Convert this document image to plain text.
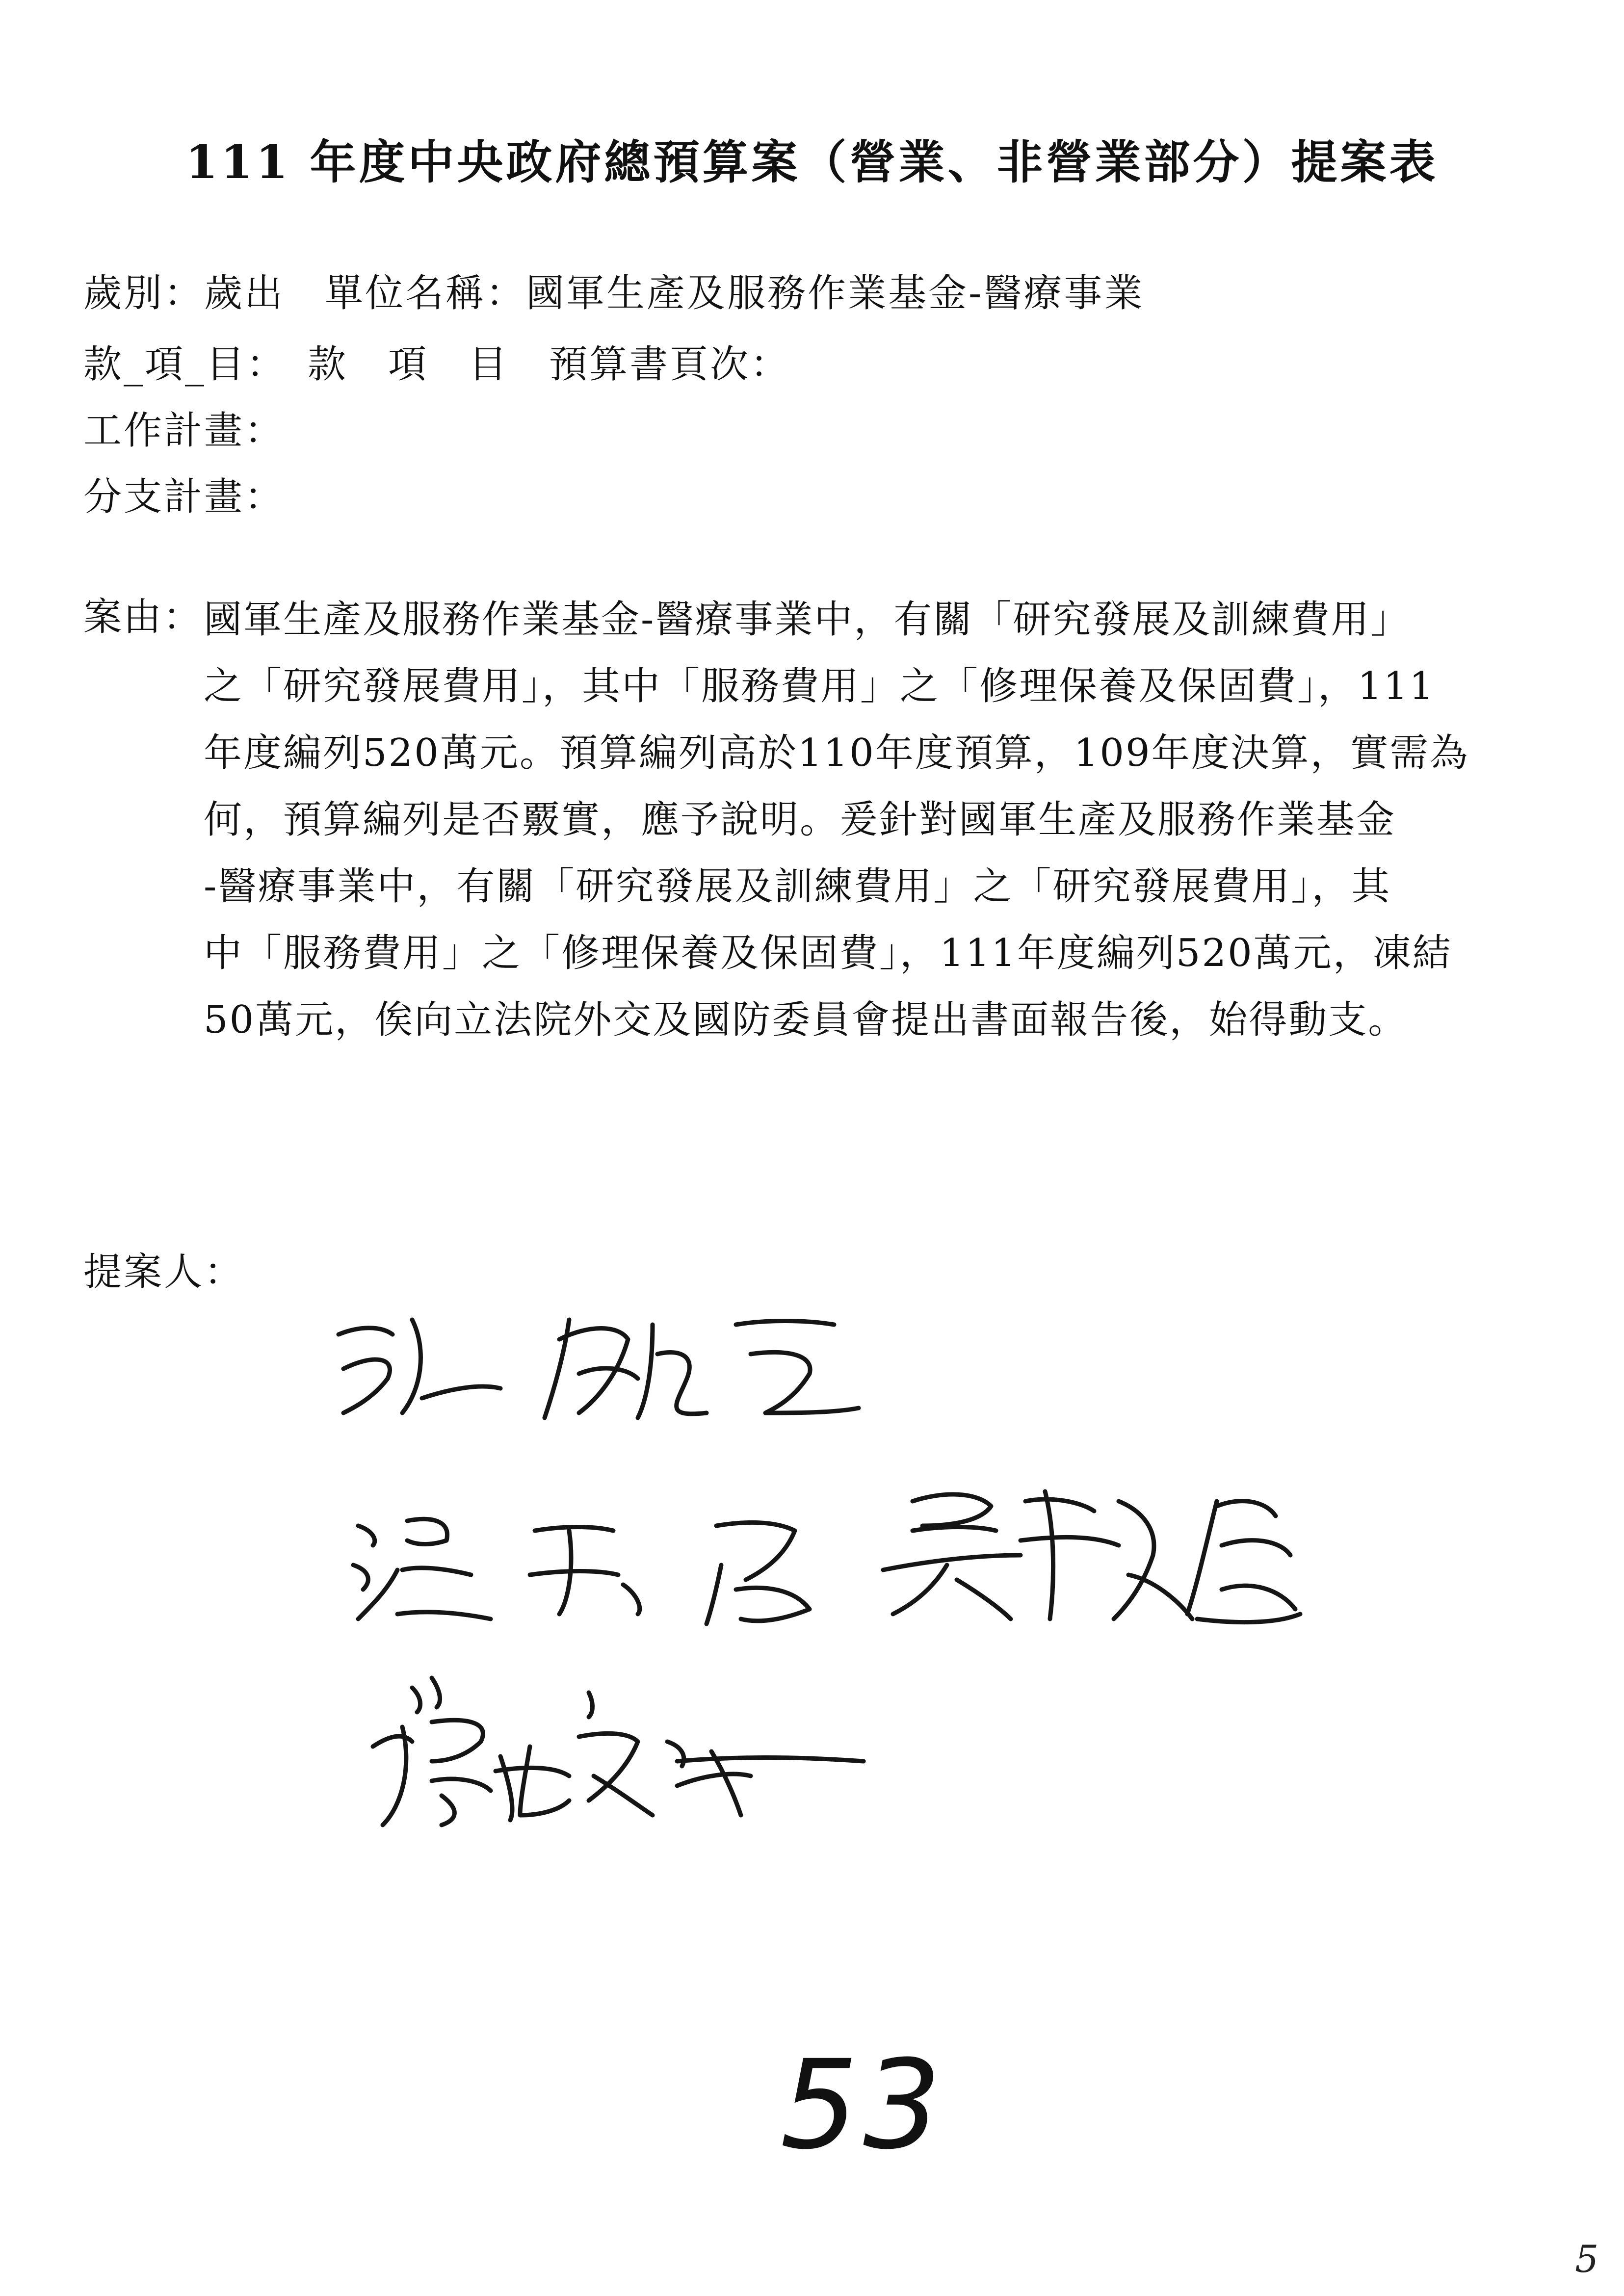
111 年度中央政府總預算案（營業、非營業部分）提案表
歲別：歲出　單位名稱：國軍生產及服務作業基金-醫療事業
款_項_目：　款　項　目　預算書頁次：
工作計畫：
分支計畫：
案由： 國軍生產及服務作業基金-醫療事業中，有關「研究發展及訓練費用」
之「研究發展費用」，其中「服務費用」之「修理保養及保固費」，111
年度編列520萬元。預算編列高於110年度預算，109年度決算，實需為
何，預算編列是否覈實，應予說明。爰針對國軍生產及服務作業基金
-醫療事業中，有關「研究發展及訓練費用」之「研究發展費用」，其
中「服務費用」之「修理保養及保固費」，111年度編列520萬元，凍結
50萬元，俟向立法院外交及國防委員會提出書面報告後，始得動支。
提案人：
53
5
